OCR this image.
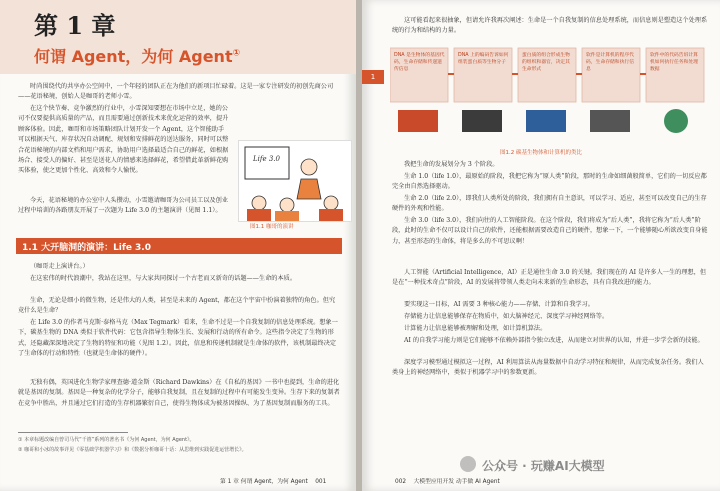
第 1 章
何谓 Agent，为何 Agent①
时尚围绕代的共享办公空间中，一个年轻的团队正在为他们的新项目忙碌着。这是一家专注研发的初创先商公司——花语秘境，创始人是咖哥的老师小雪。
在这个快节奏、竞争激烈的行业中，小雪深知要想在市场中立足，她的公司不仅要提供高质量的产品，而且需要通过创新技术来优化运营的效率，提升顾客体验。因此，咖哥和市场策略团队计划开发一个 Agent，这个智能助手可以根据天气、库存状况自动调配、规划和安排鲜花的送达服务，同时可以整合花语秘境的内部文档和用户需求，协助用户选择最适合自己的鲜花，如根据场合、接受人的偏好、甚至是送花人的情感来选择鲜花，希望借此革新鲜花购买体验，使之更加个性化、高效和令人愉悦。
今天，花语秘境的办公室中人头攒动，小雪邀请咖哥为公司员工以及创业过程中培训的各路朋友开展了一次题为 Life 3.0 的主题演讲（见图 1.1）。
Life 3.0
图1.1 咖哥的演讲
1.1 大开脑洞的演讲：Life 3.0
（咖哥走上演讲台。）
在这宏伟的时代浪潮中，我站在这里，与大家共同探讨一个古老而又新奇的话题——生命的本质。
生命，无论是细小的微生物，还是伟大的人类，甚至是未来的 Agent，都在这个宇宙中扮演着独特的角色。但究竟什么是生命？
在 Life 3.0 的作者马克斯·泰格马克（Max Tegmark）看来，生命不过是一个自我复制的信息处理系统。想象一下，碳基生物的 DNA 类似于软件代码：它包含指导生物体生长、发展和行动的所有命令。这些指令决定了生物的形式，还隐藏深深地决定了生物的特征和功能（见图 1.2）。因此，信息和传递机制就是生命体的软件，该机制最终决定了生命体的行动和特性（也就是生命体的硬件）。
无独有偶，英国进化生物学家理查德·道金斯（Richard Dawkins）在《自私的基因》一书中也提到，生命的进化就是基因的复制。基因是一种复杂的化学分子，能够自我复制，且在复制的过程中有可能发生变异。生存下来的复制者在竞争中胜出，并且通过它们打造的生存机器繁衍自己，使得生物体成为被基因操纵、为了基因复制而服务的工具。
① 本章标题改编自曾司马代“千禧”系列的著名书《为何 Agent，为何 Agent》。
② 咖哥和小冰的故事详见《零基础学机器学习》和《数据分析咖哥十话：从思维到实践促进运营增长》。
第 1 章 何谓 Agent，为何 Agent 001
这可能看起来很抽象，但请允许我再次阐述：生命是一个自我复制的信息处理系统，而信息则是塑造这个处理系统的行为和结构的力量。
DNA 是生物体的基因代码，生命存储和传递遗传信息
DNA 上的编码告诉如何组装蛋白质等生物分子
蛋白质的组合形成生物的组织和器官，决定其生命形式
软件是计算机的程序代码，生命存储和执行信息
软件中的代码告诉计算机如何执行任务和处理数据
1
图1.2 碳基生物体和计算机的类比
我把生命的发展划分为 3 个阶段。
生命 1.0（life 1.0），最原始的阶段，我把它称为“原人类”阶段，那时的生命如细菌般简单，它们的一切反应都完全由自然选择驱动。
生命 2.0（life 2.0），即我们人类所处的阶段，我们拥有自主意识，可以学习、适应，甚至可以改变自己的生存硬件的外观和性能。
生命 3.0（life 3.0），我们向往的人工智能阶段。在这个阶段，我们将成为“后人类”，我将它称为“后人类”阶段，此时的生命不仅可以设计自己的软件，还能根据需要改造自己的硬件，想象一下，一个能够随心所欲改变自身能力，甚至形态的生命体，将是多么的不可思议啊！
人工智能（Artificial Intelligence，AI）正是通往生命 3.0 的关键。我们现在的 AI 是许多人一生的理想，但是在“一种技术奇点”阶段，AI 的发展将带领人类走向未来新的生命形态，具有自我改进的能力。
要实现这一目标，AI 需要 3 种核心能力——存储、计算和自我学习。
存储能力让信息能够保存在物质中，如大脑神经元、深度学习神经网络等。
计算能力让信息能够被理解和处理，如计算机算法。
AI 的自我学习能力则是它们能够不依赖外部指令独立改进，从而建立对世界的认知，并进一步学会新的技能。
深度学习模型通过模拟这一过程，AI 利用算法从海量数据中自动学习特征和规律，从而完成复杂任务。我们人类身上的神经网络中，类似于机器学习中的参数更新。
002 大模型应用开发 动手做 AI Agent
公众号 · 玩赚AI大模型
